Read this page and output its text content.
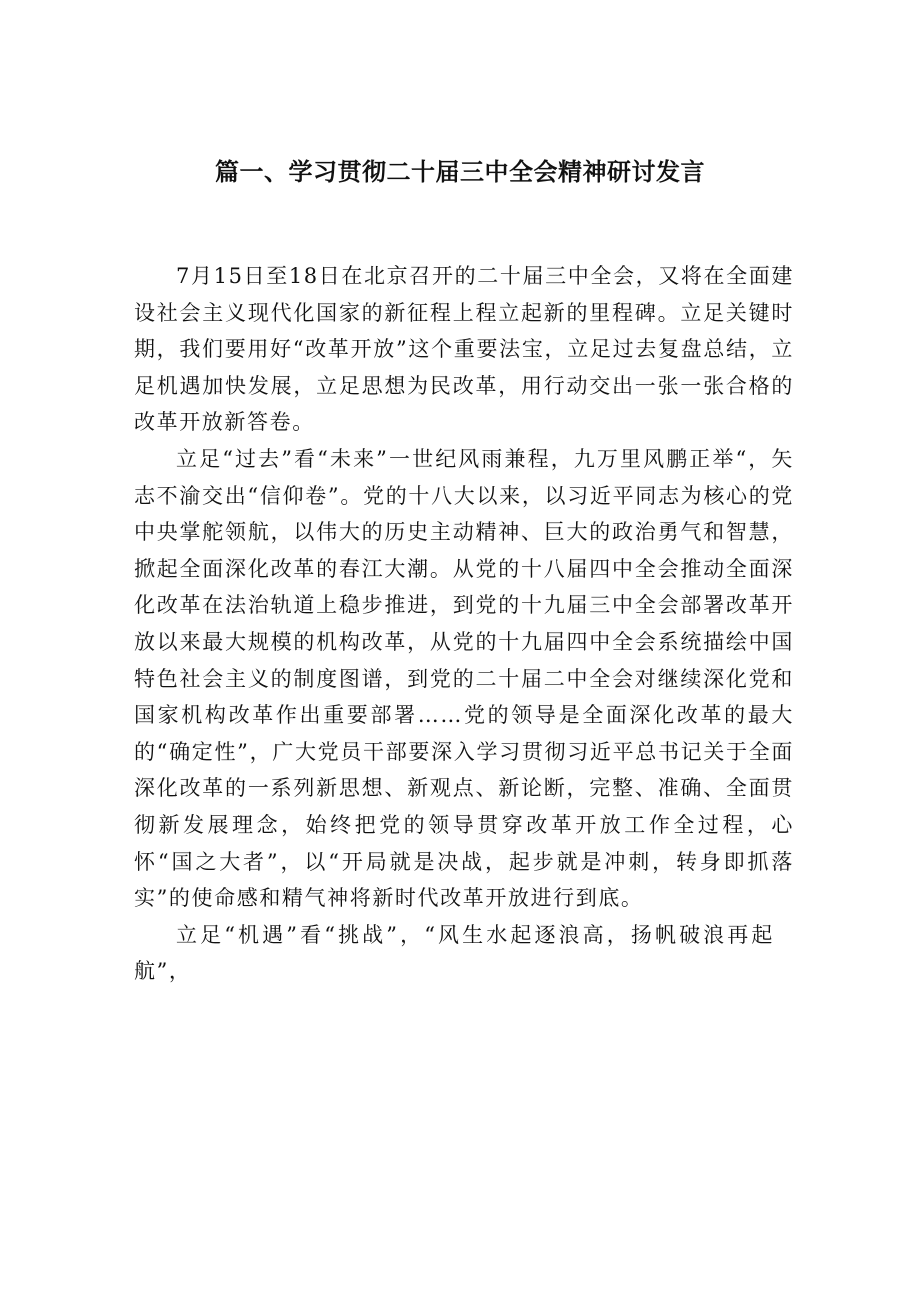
篇一、学习贯彻二十届三中全会精神研讨发言

7月15日至18日在北京召开的二十届三中全会，又将在全面建设社会主义现代化国家的新征程上程立起新的里程碑。立足关键时期，我们要用好“改革开放”这个重要法宝，立足过去复盘总结，立足机遇加快发展，立足思想为民改革，用行动交出一张一张合格的改革开放新答卷。

立足“过去”看“未来”一世纪风雨兼程，九万里风鹏正举“，矢志不渝交出“信仰卷”。党的十八大以来，以习近平同志为核心的党中央掌舵领航，以伟大的历史主动精神、巨大的政治勇气和智慧，掀起全面深化改革的春江大潮。从党的十八届四中全会推动全面深化改革在法治轨道上稳步推进，到党的十九届三中全会部署改革开放以来最大规模的机构改革，从党的十九届四中全会系统描绘中国特色社会主义的制度图谱，到党的二十届二中全会对继续深化党和国家机构改革作出重要部署……党的领导是全面深化改革的最大的“确定性”，广大党员干部要深入学习贯彻习近平总书记关于全面深化改革的一系列新思想、新观点、新论断，完整、准确、全面贯彻新发展理念，始终把党的领导贯穿改革开放工作全过程，心怀“国之大者”，以“开局就是决战，起步就是冲刺，转身即抓落实”的使命感和精气神将新时代改革开放进行到底。

立足“机遇”看“挑战”，“风生水起逐浪高，扬帆破浪再起航”，
